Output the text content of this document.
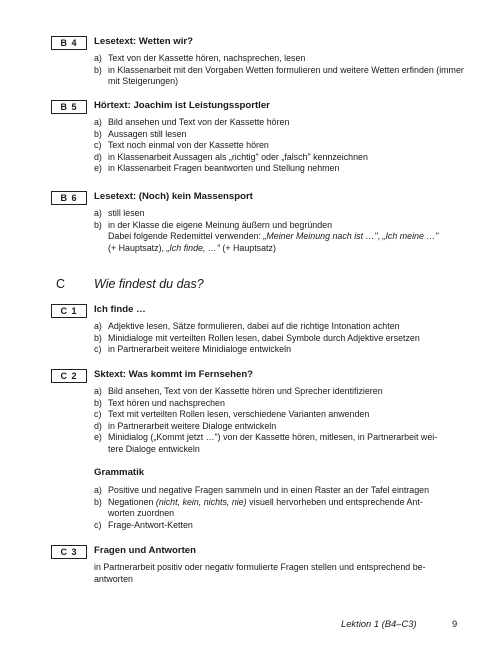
B 4	Lesetext: Wetten wir?
a) Text von der Kassette hören, nachsprechen, lesen
b) in Klassenarbeit mit den Vorgaben Wetten formulieren und weitere Wetten erfinden (immer mit Steigerungen)
B 5	Hörtext: Joachim ist Leistungssportler
a) Bild ansehen und Text von der Kassette hören
b) Aussagen still lesen
c) Text noch einmal von der Kassette hören
d) in Klassenarbeit Aussagen als „richtig" oder „falsch" kennzeichnen
e) in Klassenarbeit Fragen beantworten und Stellung nehmen
B 6	Lesetext: (Noch) kein Massensport
a) still lesen
b) in der Klasse die eigene Meinung äußern und begründen
Dabei folgende Redemittel verwenden: „Meiner Meinung nach ist …", „Ich meine …"
(+ Hauptsatz), „Ich finde, …" (+ Hauptsatz)
C Wie findest du das?
C 1	Ich finde …
a) Adjektive lesen, Sätze formulieren, dabei auf die richtige Intonation achten
b) Minidialoge mit verteilten Rollen lesen, dabei Symbole durch Adjektive ersetzen
c) in Partnerarbeit weitere Minidialoge entwickeln
C 2	Sktext: Was kommt im Fernsehen?
a) Bild ansehen, Text von der Kassette hören und Sprecher identifizieren
b) Text hören und nachsprechen
c) Text mit verteilten Rollen lesen, verschiedene Varianten anwenden
d) in Partnerarbeit weitere Dialoge entwickeln
e) Minidialog („Kommt jetzt …") von der Kassette hören, mitlesen, in Partnerarbeit wei-
tere Dialoge entwickeln
Grammatik
a) Positive und negative Fragen sammeln und in einen Raster an der Tafel eintragen
b) Negationen (nicht, kein, nichts, nie) visuell hervorheben und entsprechende Ant-
worten zuordnen
c) Frage-Antwort-Ketten
C 3	Fragen und Antworten
in Partnerarbeit positiv oder negativ formulierte Fragen stellen und entsprechend be-
antworten
Lektion 1 (B4–C3)	9
